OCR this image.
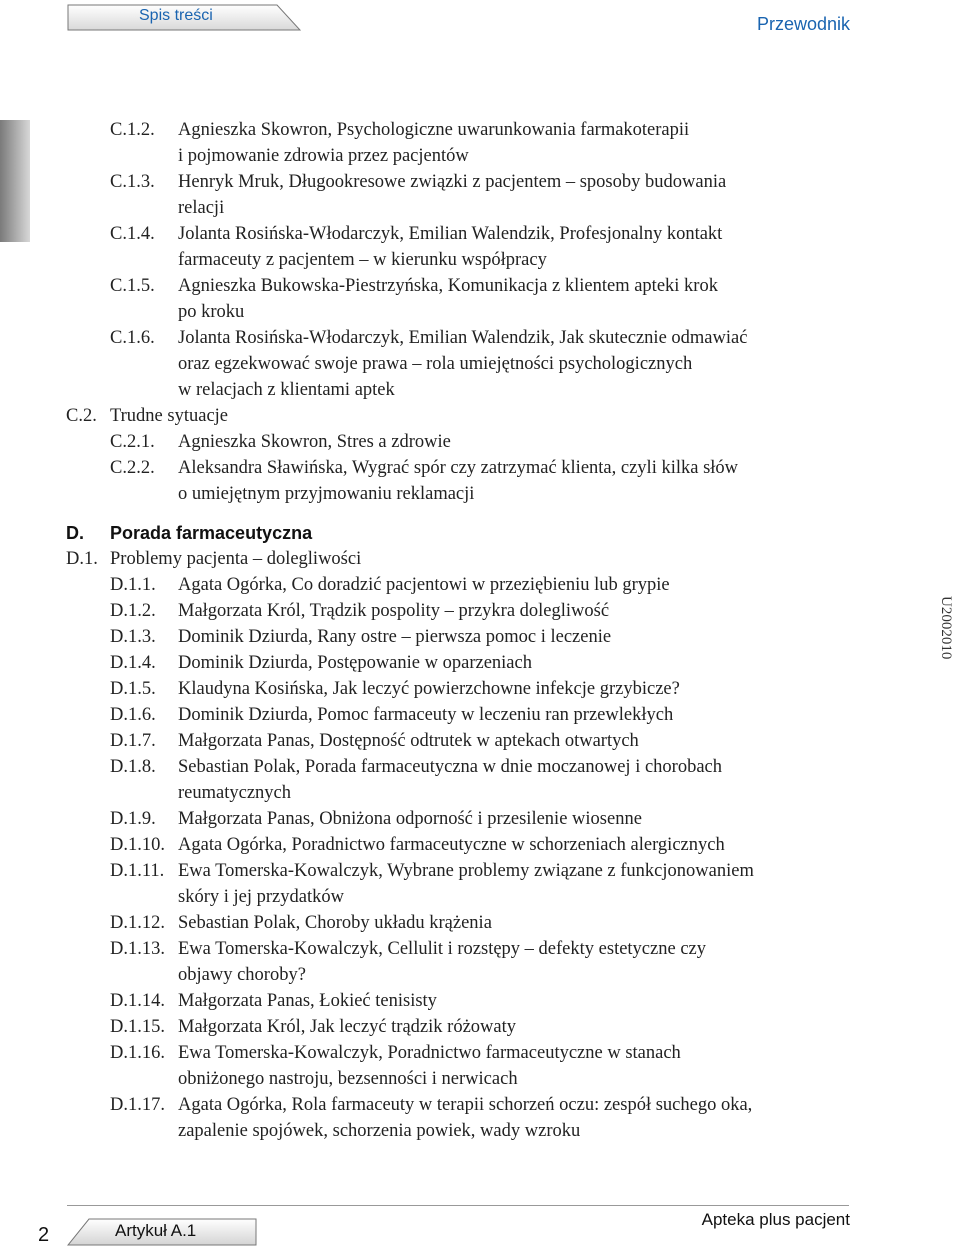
Spis treści	Przewodnik
U2002010
C.1.2. Agnieszka Skowron, Psychologiczne uwarunkowania farmakoterapii
i pojmowanie zdrowia przez pacjentów
C.1.3. Henryk Mruk, Długookresowe związki z pacjentem – sposoby budowania
relacji
C.1.4. Jolanta Rosińska-Włodarczyk, Emilian Walendzik, Profesjonalny kontakt
farmaceuty z pacjentem – w kierunku współpracy
C.1.5. Agnieszka Bukowska-Piestrzyńska, Komunikacja z klientem apteki krok
po kroku
C.1.6. Jolanta Rosińska-Włodarczyk, Emilian Walendzik, Jak skutecznie odmawiać
oraz egzekwować swoje prawa – rola umiejętności psychologicznych
w relacjach z klientami aptek
C.2. Trudne sytuacje
C.2.1. Agnieszka Skowron, Stres a zdrowie
C.2.2. Aleksandra Sławińska, Wygrać spór czy zatrzymać klienta, czyli kilka słów
o umiejętnym przyjmowaniu reklamacji
D. Porada farmaceutyczna
D.1. Problemy pacjenta – dolegliwości
D.1.1. Agata Ogórka, Co doradzić pacjentowi w przeziębieniu lub grypie
D.1.2. Małgorzata Król, Trądzik pospolity – przykra dolegliwość
D.1.3. Dominik Dziurda, Rany ostre – pierwsza pomoc i leczenie
D.1.4. Dominik Dziurda, Postępowanie w oparzeniach
D.1.5. Klaudyna Kosińska, Jak leczyć powierzchowne infekcje grzybicze?
D.1.6. Dominik Dziurda, Pomoc farmaceuty w leczeniu ran przewlekłych
D.1.7. Małgorzata Panas, Dostępność odtrutek w aptekach otwartych
D.1.8. Sebastian Polak, Porada farmaceutyczna w dnie moczanowej i chorobach
reumatycznych
D.1.9. Małgorzata Panas, Obniżona odporność i przesilenie wiosenne
D.1.10. Agata Ogórka, Poradnictwo farmaceutyczne w schorzeniach alergicznych
D.1.11. Ewa Tomerska-Kowalczyk, Wybrane problemy związane z funkcjonowaniem
skóry i jej przydatków
D.1.12. Sebastian Polak, Choroby układu krążenia
D.1.13. Ewa Tomerska-Kowalczyk, Cellulit i rozstępy – defekty estetyczne czy
objawy choroby?
D.1.14. Małgorzata Panas, Łokieć tenisisty
D.1.15. Małgorzata Król, Jak leczyć trądzik różowaty
D.1.16. Ewa Tomerska-Kowalczyk, Poradnictwo farmaceutyczne w stanach
obniżonego nastroju, bezsenności i nerwicach
D.1.17. Agata Ogórka, Rola farmaceuty w terapii schorzeń oczu: zespół suchego oka,
zapalenie spojówek, schorzenia powiek, wady wzroku
2	Artykuł A.1
Apteka plus pacjent
